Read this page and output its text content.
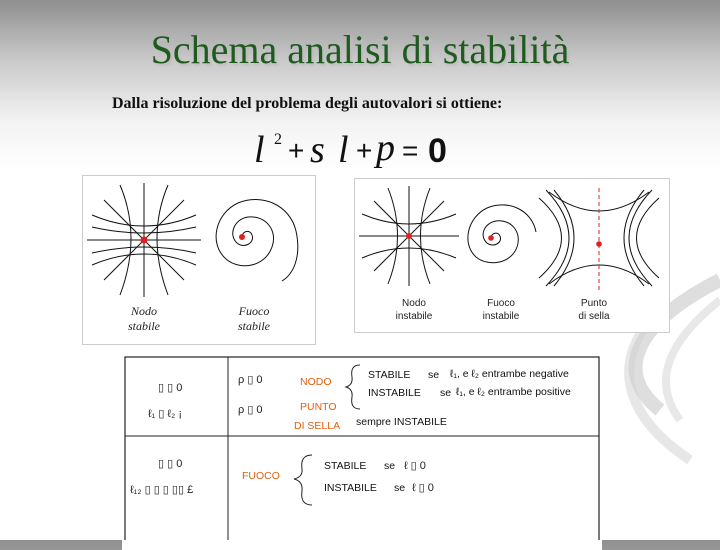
Schema analisi di stabilità
Dalla risoluzione del problema degli autovalori si ottiene:
l 2 + s l + p = 0
Nodo
stabile
Fuoco
stabile
Nodo
instabile
Fuoco
instabile
Punto
di sella
▯ ▯ 0
ℓ₁ ▯ ℓ₂ ¡
ρ ▯ 0
ρ ▯ 0
NODO
PUNTO
DI SELLA
STABILE se ℓ₁, e ℓ₂ entrambe negative
INSTABILE se ℓ₁, e ℓ₂ entrambe positive
sempre INSTABILE
▯ ▯ 0
ℓ₁₂ ▯ ▯ ▯ ▯▯ £
FUOCO
STABILE se ℓ ▯ 0
INSTABILE se ℓ ▯ 0
